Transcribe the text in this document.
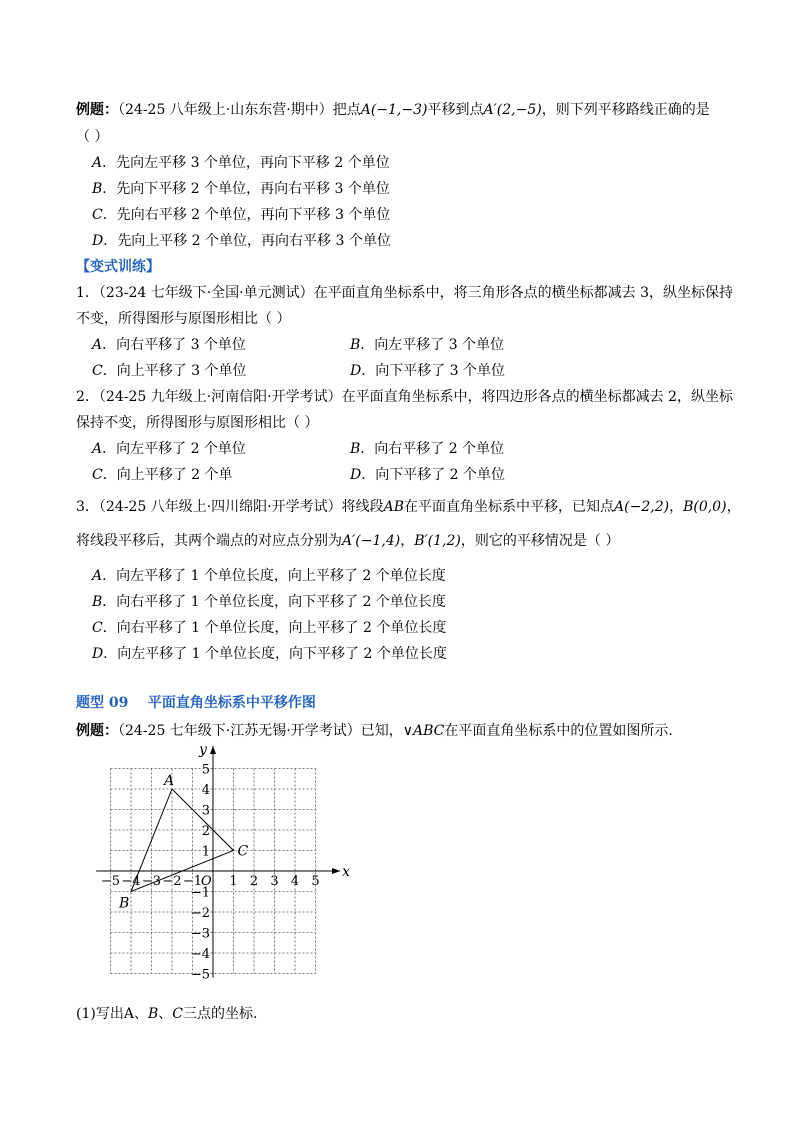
例题：（24-25 八年级上·山东东营·期中）把点A(−1,−3)平移到点A′(2,−5)，则下列平移路线正确的是
（ ）
A．先向左平移 3 个单位，再向下平移 2 个单位
B．先向下平移 2 个单位，再向右平移 3 个单位
C．先向右平移 2 个单位，再向下平移 3 个单位
D．先向上平移 2 个单位，再向右平移 3 个单位
【变式训练】
1．（23-24 七年级下·全国·单元测试）在平面直角坐标系中，将三角形各点的横坐标都减去 3，纵坐标保持
不变，所得图形与原图形相比（ ）
A．向右平移了 3 个单位	B．向左平移了 3 个单位
C．向上平移了 3 个单位	D．向下平移了 3 个单位
2．（24-25 九年级上·河南信阳·开学考试）在平面直角坐标系中，将四边形各点的横坐标都减去 2，纵坐标
保持不变，所得图形与原图形相比（ ）
A．向左平移了 2 个单位	B．向右平移了 2 个单位
C．向上平移了 2 个单	D．向下平移了 2 个单位
3．（24-25 八年级上·四川绵阳·开学考试）将线段AB在平面直角坐标系中平移，已知点A(−2,2)，B(0,0)，
将线段平移后，其两个端点的对应点分别为A′(−1,4)，B′(1,2)，则它的平移情况是（ ）
A．向左平移了 1 个单位长度，向上平移了 2 个单位长度
B．向右平移了 1 个单位长度，向下平移了 2 个单位长度
C．向右平移了 1 个单位长度，向上平移了 2 个单位长度
D．向左平移了 1 个单位长度，向下平移了 2 个单位长度
题型 09 平面直角坐标系中平移作图
例题：（24-25 七年级下·江苏无锡·开学考试）已知，∨ABC在平面直角坐标系中的位置如图所示.
−5 −4 −3 −2 −1 1 2 3 4 5
5
4
3
2
1
−1
−2
−3
−4
−5
A
B
C
x
y
O
(1)写出A、B、C三点的坐标.
